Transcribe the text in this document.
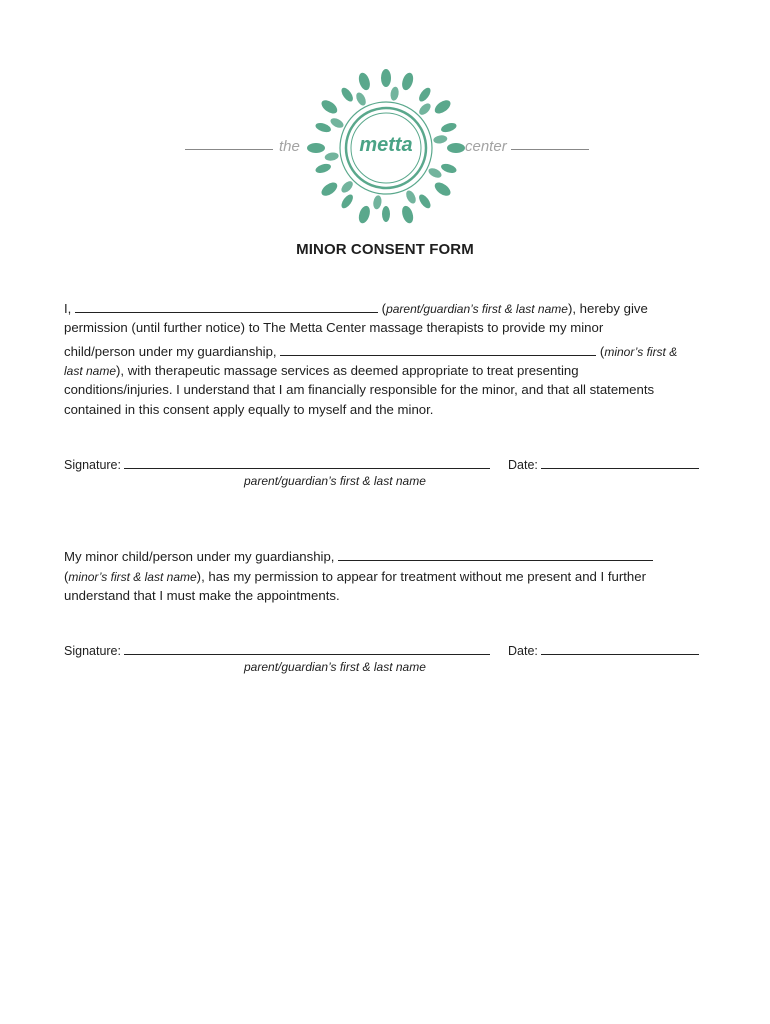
the	metta	center
MINOR CONSENT FORM
I,	(parent/guardian’s first & last name), hereby give
permission (until further notice) to The Metta Center massage therapists to provide my minor
child/person under my guardianship,	(minor’s first &
last name), with therapeutic massage services as deemed appropriate to treat presenting
conditions/injuries. I understand that I am financially responsible for the minor, and that all statements
contained in this consent apply equally to myself and the minor.
Signature:	Date:
parent/guardian’s first & last name
My minor child/person under my guardianship,
(minor’s first & last name), has my permission to appear for treatment without me present and I further
understand that I must make the appointments.
Signature:	Date:
parent/guardian’s first & last name
